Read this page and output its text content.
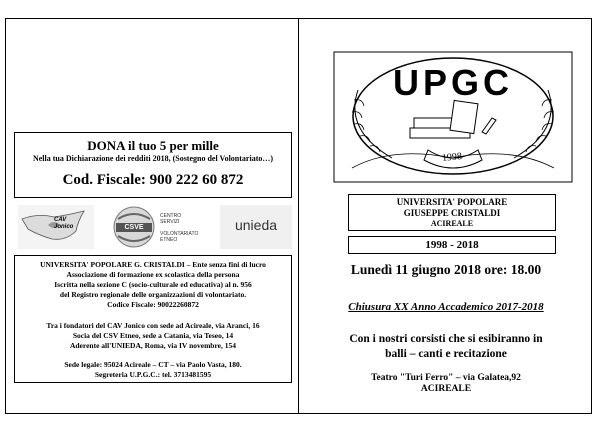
DONA il tuo 5 per mille
Nella tua Dichiarazione dei redditi 2018, (Sostegno del Volontariato…)
Cod. Fiscale: 900 222 60 872
CAV Jonico	CSVE
CENTRO
SERVIZI
VOLONTARIATO
ETNEO
unieda
UNIVERSITA' POPOLARE G. CRISTALDI – Ente senza fini di lucro
Associazione di formazione ex scolastica della persona
Iscritta nella sezione C (socio-culturale ed educativa) al n. 956
del Registro regionale delle organizzazioni di volontariato.
Codice Fiscale: 90022260872
Tra i fondatori del CAV Jonico con sede ad Acireale, via Aranci, 16
Socia del CSV Etneo, sede a Catania, via Teseo, 14
Aderente all'UNIEDA, Roma, via IV novembre, 154
Sede legale: 95024 Acireale – CT – via Paolo Vasta, 180.
Segreteria U.P.G.C.: tel. 3713481595
UPGC
1998
UNIVERSITA' POPOLARE
GIUSEPPE CRISTALDI
ACIREALE
1998 - 2018
Lunedì 11 giugno 2018 ore: 18.00
Chiusura XX Anno Accademico 2017-2018
Con i nostri corsisti che si esibiranno in
balli – canti e recitazione
Teatro "Turi Ferro" – via Galatea,92
ACIREALE
